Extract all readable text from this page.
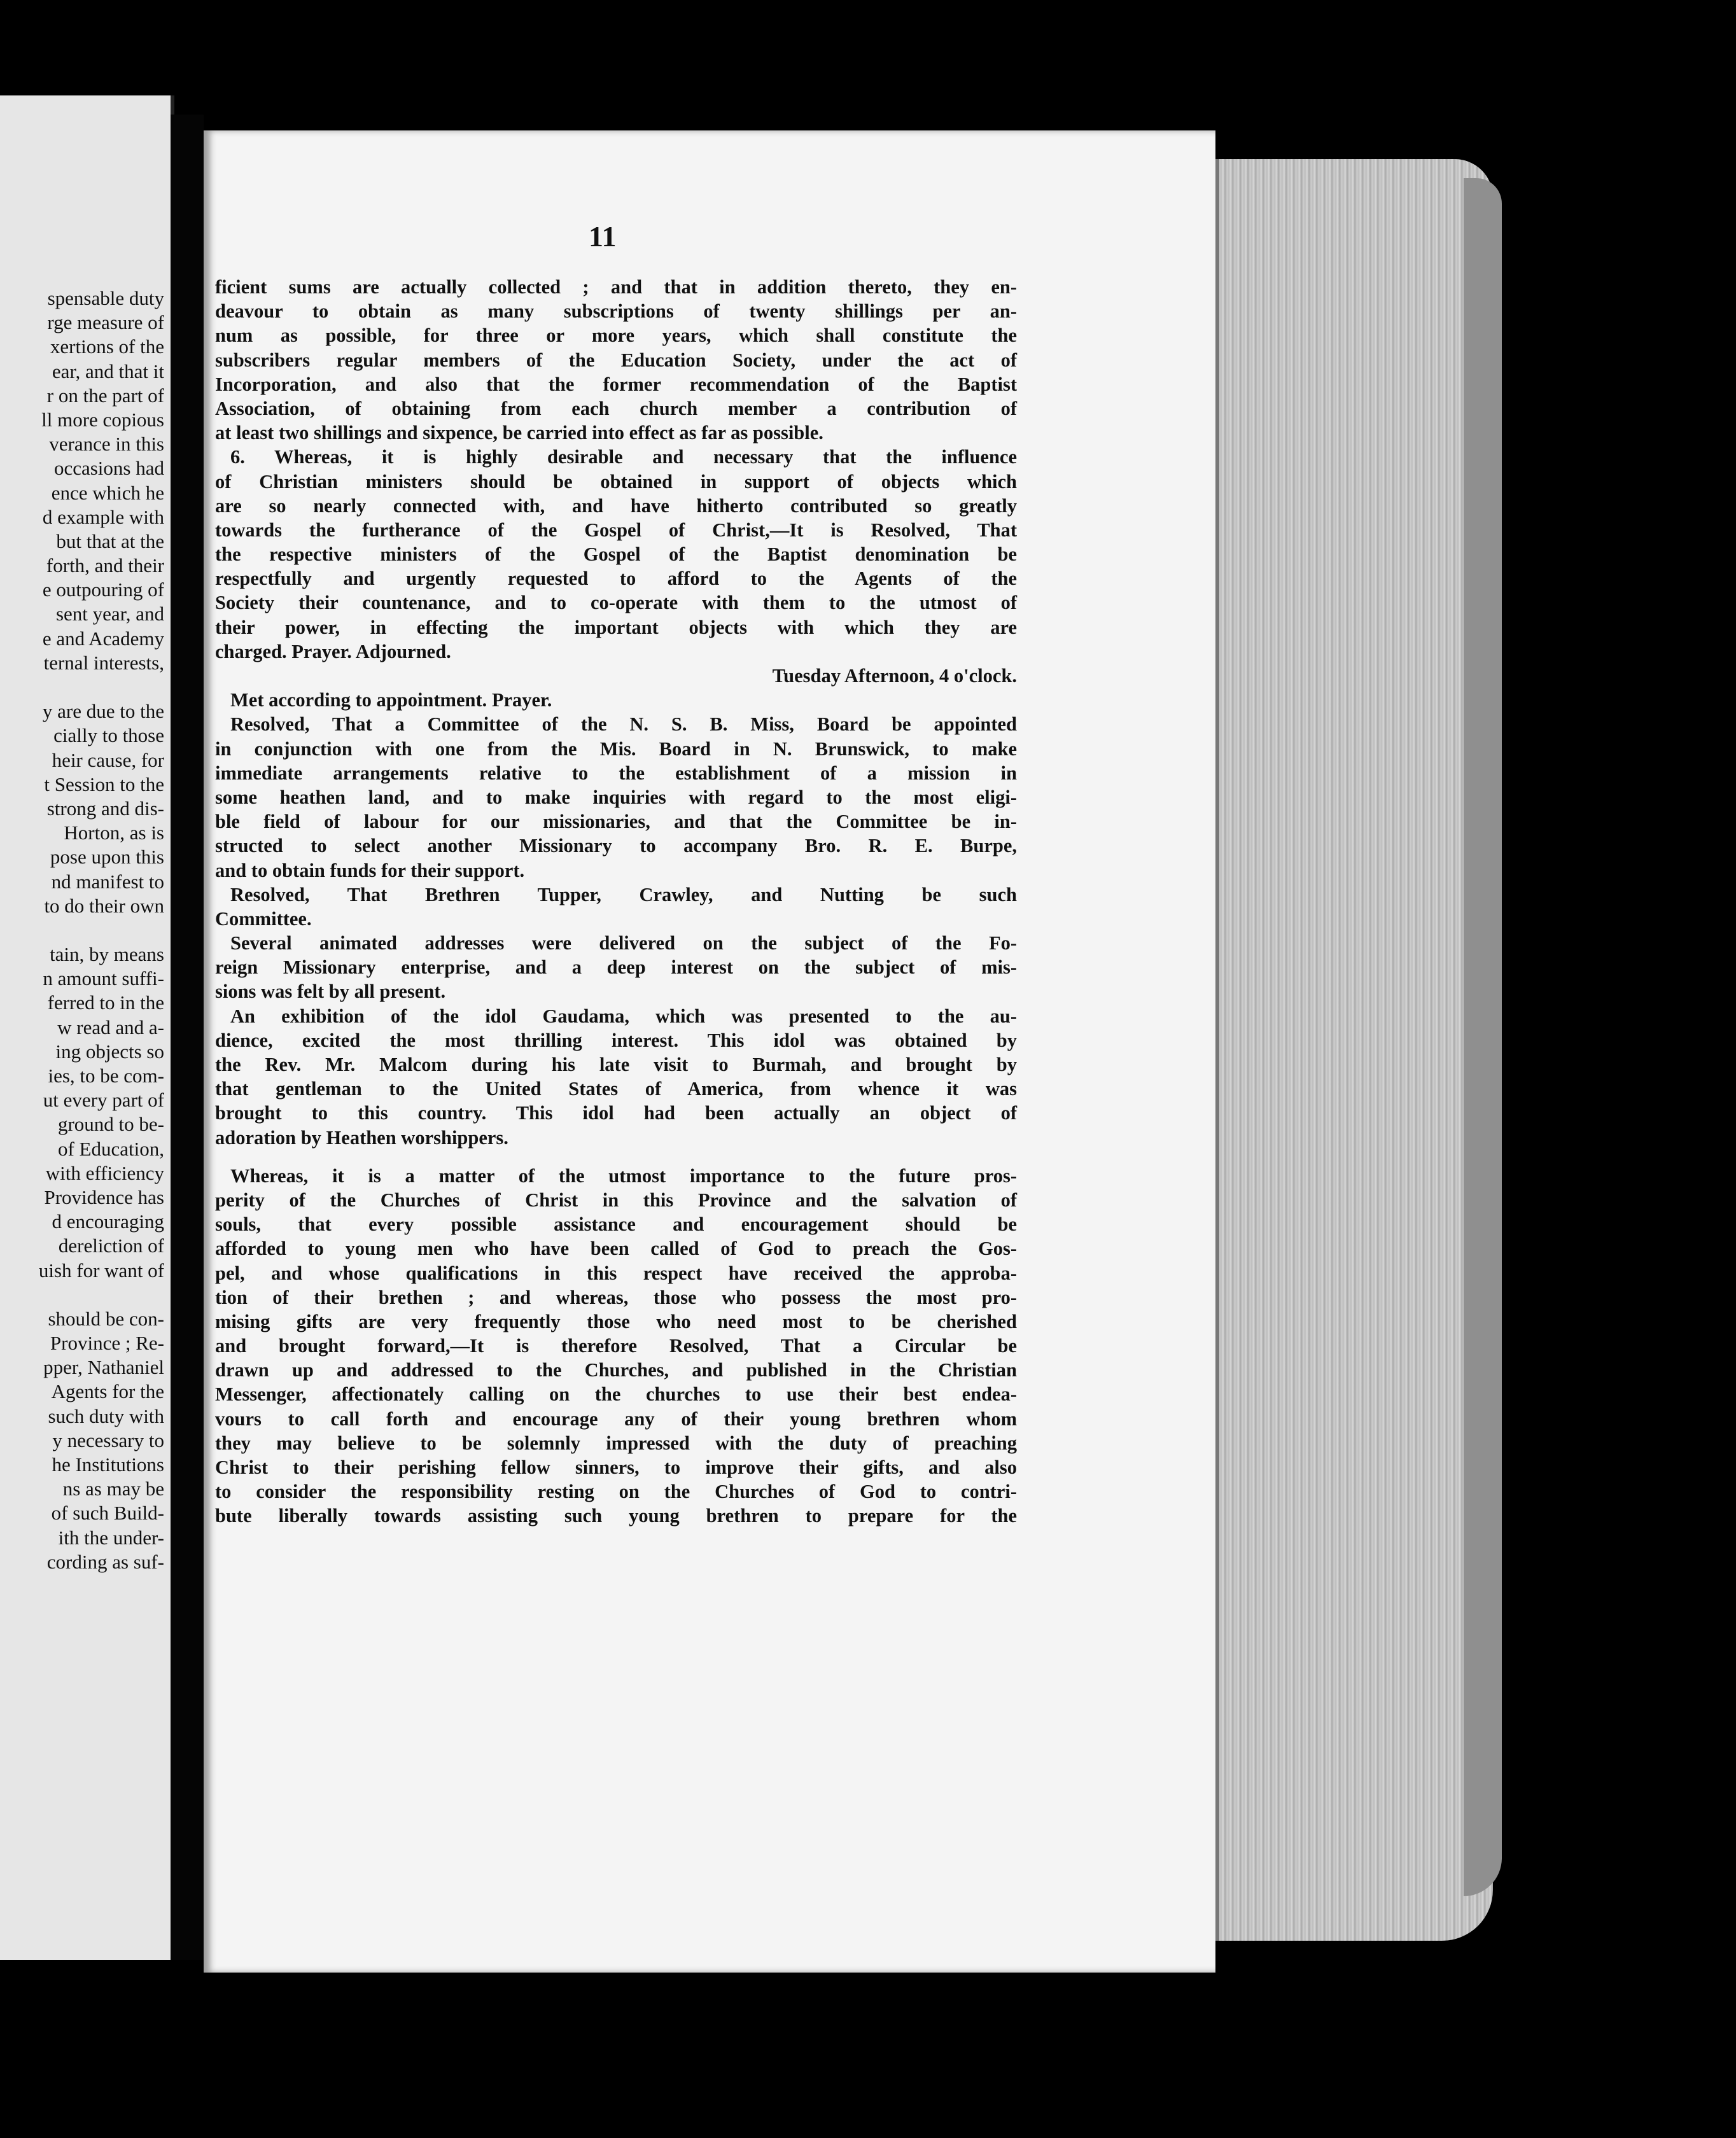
spensable duty
rge measure of
xertions of the
ear, and that it
r on the part of
ll more copious
verance in this
occasions had
ence which he
d example with
but that at the
forth, and their
e outpouring of
sent year, and
e and Academy
ternal interests,
y are due to the
cially to those
heir cause, for
t Session to the
strong and dis-
Horton, as is
pose upon this
nd manifest to
to do their own
tain, by means
n amount suffi-
ferred to in the
w read and a-
ing objects so
ies, to be com-
ut every part of
ground to be-
of Education,
with efficiency
Providence has
d encouraging
dereliction of
uish for want of
should be con-
Province ; Re-
pper, Nathaniel
Agents for the
such duty with
y necessary to
he Institutions
ns as may be
of such Build-
ith the under-
cording as suf-
11
ficient sums are actually collected ; and that in addition thereto, they en-
deavour to obtain as many subscriptions of twenty shillings per an-
num as possible, for three or more years, which shall constitute the
subscribers regular members of the Education Society, under the act of
Incorporation, and also that the former recommendation of the Baptist
Association, of obtaining from each church member a contribution of
at least two shillings and sixpence, be carried into effect as far as possible.
6. Whereas, it is highly desirable and necessary that the influence
of Christian ministers should be obtained in support of objects which
are so nearly connected with, and have hitherto contributed so greatly
towards the furtherance of the Gospel of Christ,—It is Resolved, That
the respective ministers of the Gospel of the Baptist denomination be
respectfully and urgently requested to afford to the Agents of the
Society their countenance, and to co-operate with them to the utmost of
their power, in effecting the important objects with which they are
charged. Prayer. Adjourned.
Tuesday Afternoon, 4 o'clock.
Met according to appointment. Prayer.
Resolved, That a Committee of the N. S. B. Miss, Board be appointed
in conjunction with one from the Mis. Board in N. Brunswick, to make
immediate arrangements relative to the establishment of a mission in
some heathen land, and to make inquiries with regard to the most eligi-
ble field of labour for our missionaries, and that the Committee be in-
structed to select another Missionary to accompany Bro. R. E. Burpe,
and to obtain funds for their support.
Resolved, That Brethren Tupper, Crawley, and Nutting be such
Committee.
Several animated addresses were delivered on the subject of the Fo-
reign Missionary enterprise, and a deep interest on the subject of mis-
sions was felt by all present.
An exhibition of the idol Gaudama, which was presented to the au-
dience, excited the most thrilling interest. This idol was obtained by
the Rev. Mr. Malcom during his late visit to Burmah, and brought by
that gentleman to the United States of America, from whence it was
brought to this country. This idol had been actually an object of
adoration by Heathen worshippers.
Whereas, it is a matter of the utmost importance to the future pros-
perity of the Churches of Christ in this Province and the salvation of
souls, that every possible assistance and encouragement should be
afforded to young men who have been called of God to preach the Gos-
pel, and whose qualifications in this respect have received the approba-
tion of their brethen ; and whereas, those who possess the most pro-
mising gifts are very frequently those who need most to be cherished
and brought forward,—It is therefore Resolved, That a Circular be
drawn up and addressed to the Churches, and published in the Christian
Messenger, affectionately calling on the churches to use their best endea-
vours to call forth and encourage any of their young brethren whom
they may believe to be solemnly impressed with the duty of preaching
Christ to their perishing fellow sinners, to improve their gifts, and also
to consider the responsibility resting on the Churches of God to contri-
bute liberally towards assisting such young brethren to prepare for the
